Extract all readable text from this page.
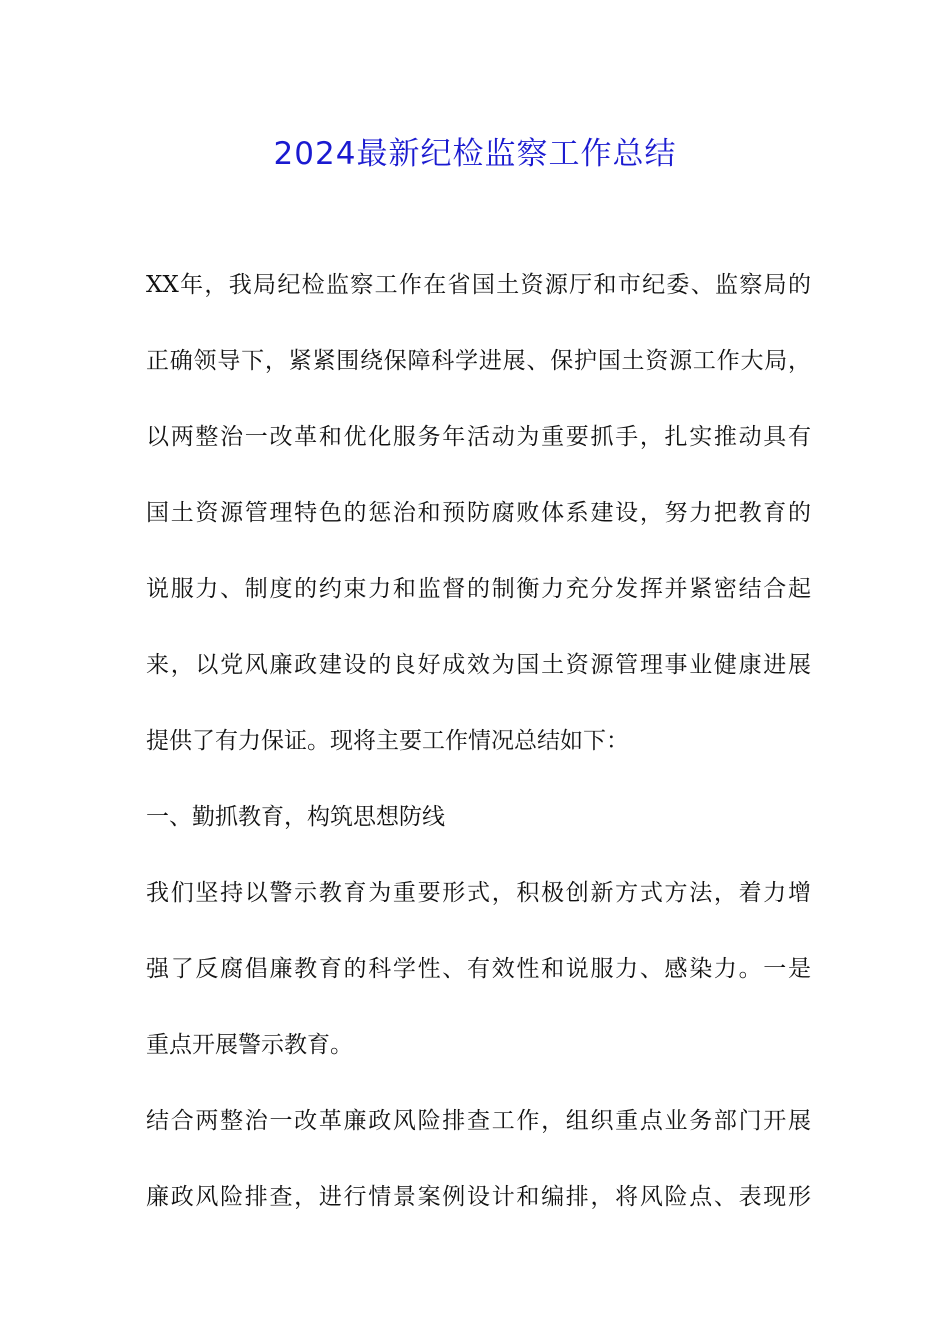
2024最新纪检监察工作总结
XX年，我局纪检监察工作在省国土资源厅和市纪委、监察局的
正确领导下，紧紧围绕保障科学进展、保护国土资源工作大局，
以两整治一改革和优化服务年活动为重要抓手，扎实推动具有
国土资源管理特色的惩治和预防腐败体系建设，努力把教育的
说服力、制度的约束力和监督的制衡力充分发挥并紧密结合起
来，以党风廉政建设的良好成效为国土资源管理事业健康进展
提供了有力保证。现将主要工作情况总结如下：
一、勤抓教育，构筑思想防线
我们坚持以警示教育为重要形式，积极创新方式方法，着力增
强了反腐倡廉教育的科学性、有效性和说服力、感染力。一是
重点开展警示教育。
结合两整治一改革廉政风险排查工作，组织重点业务部门开展
廉政风险排查，进行情景案例设计和编排，将风险点、表现形
